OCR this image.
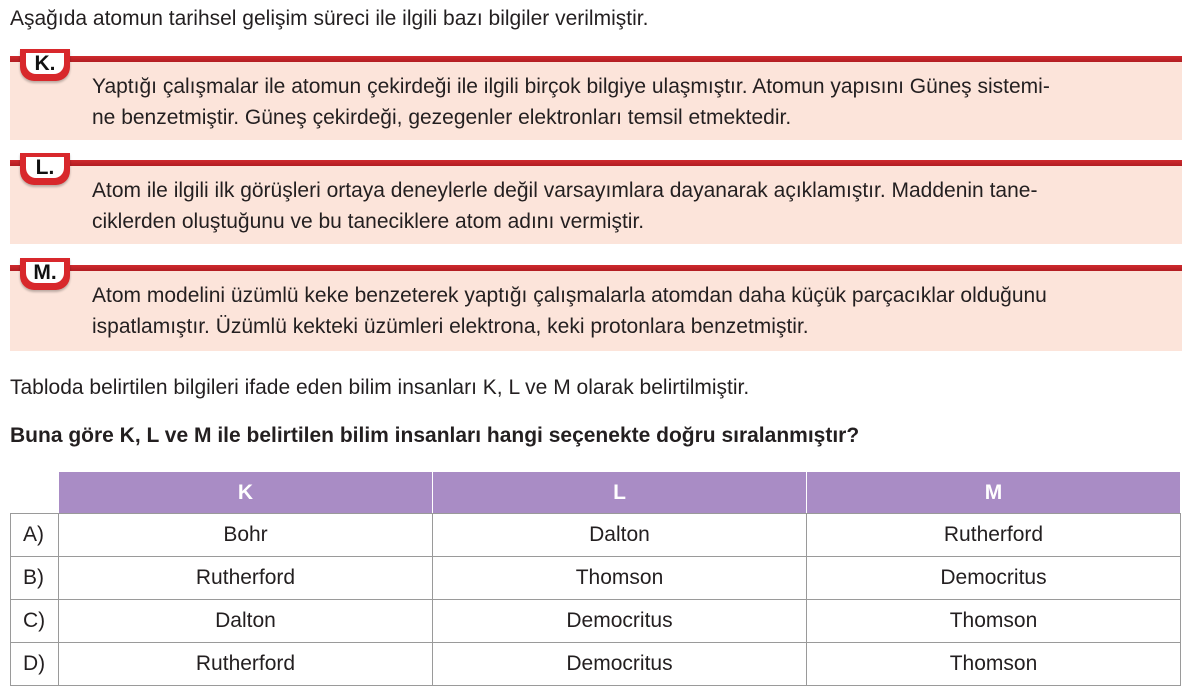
Aşağıda atomun tarihsel gelişim süreci ile ilgili bazı bilgiler verilmiştir.
K.
Yaptığı çalışmalar ile atomun çekirdeği ile ilgili birçok bilgiye ulaşmıştır. Atomun yapısını Güneş sistemi-
ne benzetmiştir. Güneş çekirdeği, gezegenler elektronları temsil etmektedir.
L.
Atom ile ilgili ilk görüşleri ortaya deneylerle değil varsayımlara dayanarak açıklamıştır. Maddenin tane-
ciklerden oluştuğunu ve bu taneciklere atom adını vermiştir.
M.
Atom modelini üzümlü keke benzeterek yaptığı çalışmalarla atomdan daha küçük parçacıklar olduğunu
ispatlamıştır. Üzümlü kekteki üzümleri elektrona, keki protonlara benzetmiştir.
Tabloda belirtilen bilgileri ifade eden bilim insanları K, L ve M olarak belirtilmiştir.
Buna göre K, L ve M ile belirtilen bilim insanları hangi seçenekte doğru sıralanmıştır?
	K	L	M
A)	Bohr	Dalton	Rutherford
B)	Rutherford	Thomson	Democritus
C)	Dalton	Democritus	Thomson
D)	Rutherford	Democritus	Thomson
